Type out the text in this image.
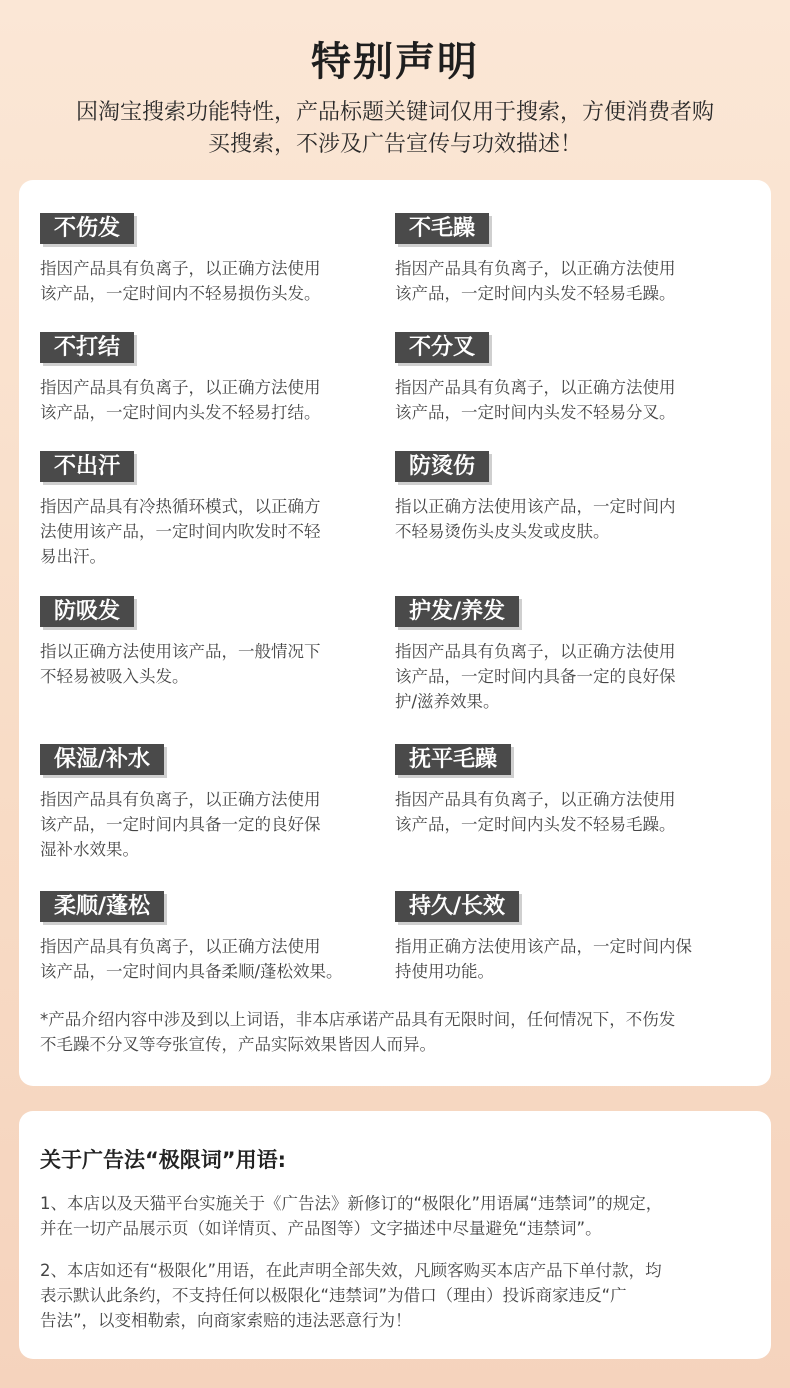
特别声明
因淘宝搜索功能特性，产品标题关键词仅用于搜索，方便消费者购
买搜索，不涉及广告宣传与功效描述！
不伤发
指因产品具有负离子，以正确方法使用
该产品，一定时间内不轻易损伤头发。
不毛躁
指因产品具有负离子，以正确方法使用
该产品，一定时间内头发不轻易毛躁。
不打结
指因产品具有负离子，以正确方法使用
该产品，一定时间内头发不轻易打结。
不分叉
指因产品具有负离子，以正确方法使用
该产品，一定时间内头发不轻易分叉。
不出汗
指因产品具有冷热循环模式，以正确方
法使用该产品，一定时间内吹发时不轻
易出汗。
防烫伤
指以正确方法使用该产品，一定时间内
不轻易烫伤头皮头发或皮肤。
防吸发
指以正确方法使用该产品，一般情况下
不轻易被吸入头发。
护发/养发
指因产品具有负离子，以正确方法使用
该产品，一定时间内具备一定的良好保
护/滋养效果。
保湿/补水
指因产品具有负离子，以正确方法使用
该产品，一定时间内具备一定的良好保
湿补水效果。
抚平毛躁
指因产品具有负离子，以正确方法使用
该产品，一定时间内头发不轻易毛躁。
柔顺/蓬松
指因产品具有负离子，以正确方法使用
该产品，一定时间内具备柔顺/蓬松效果。
持久/长效
指用正确方法使用该产品，一定时间内保
持使用功能。
*产品介绍内容中涉及到以上词语，非本店承诺产品具有无限时间，任何情况下，不伤发
不毛躁不分叉等夸张宣传，产品实际效果皆因人而异。
关于广告法“极限词”用语:
1、本店以及天猫平台实施关于《广告法》新修订的“极限化”用语属“违禁词”的规定，
并在一切产品展示页（如详情页、产品图等）文字描述中尽量避免“违禁词”。
2、本店如还有“极限化”用语，在此声明全部失效，凡顾客购买本店产品下单付款，均
表示默认此条约，不支持任何以极限化“违禁词”为借口（理由）投诉商家违反“广
告法”，以变相勒索，向商家索赔的违法恶意行为！
